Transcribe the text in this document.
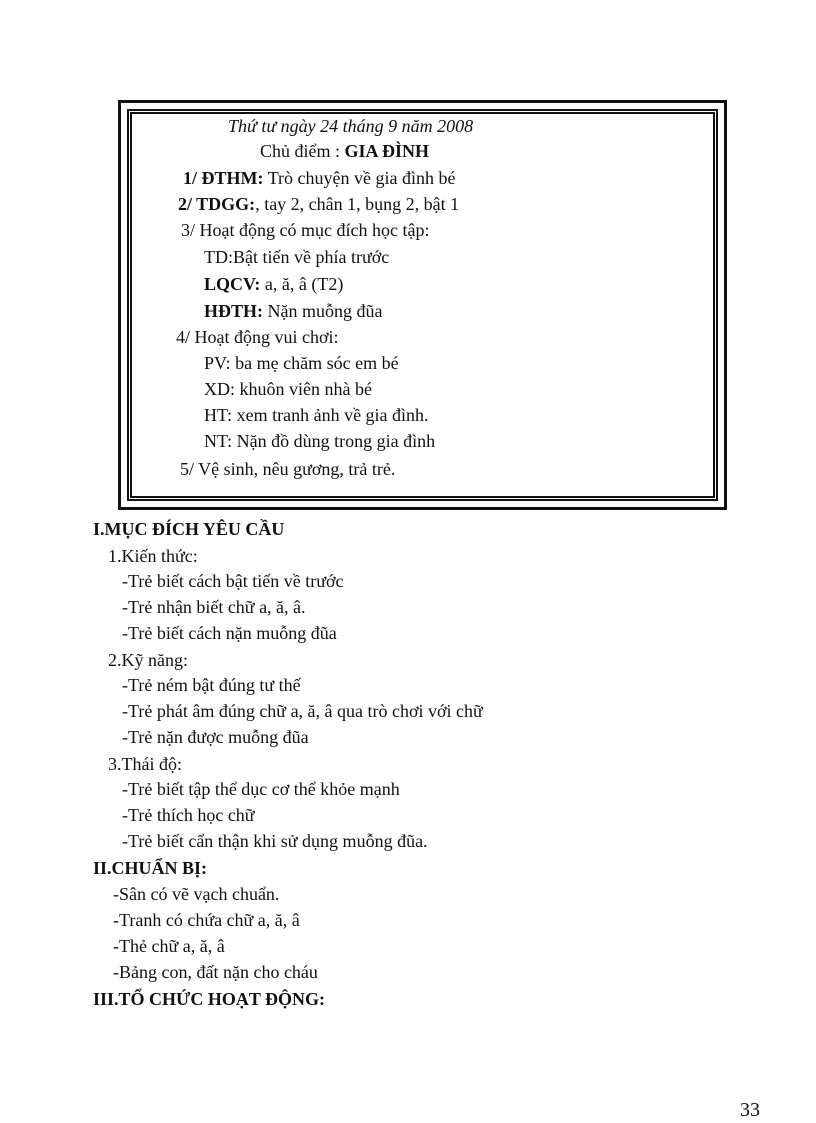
Thứ tư ngày 24 tháng 9 năm 2008
Chủ điểm : GIA ĐÌNH
1/ ĐTHM: Trò chuyện về gia đình bé
2/ TDGG:, tay 2, chân 1, bụng 2, bật 1
3/ Hoạt động có mục đích học tập:
TD:Bật tiến về phía trước
LQCV: a, ă, â (T2)
HĐTH: Nặn muỗng đũa
4/ Hoạt động vui chơi:
PV: ba mẹ chăm sóc em bé
XD: khuôn viên nhà bé
HT: xem tranh ảnh về gia đình.
NT: Nặn đồ dùng trong gia đình
5/ Vệ sinh, nêu gương, trả trẻ.
I.MỤC ĐÍCH YÊU CẦU
1.Kiến thức:
-Trẻ biết cách bật tiến về trước
-Trẻ nhận biết chữ a, ă, â.
-Trẻ biết cách nặn muỗng đũa
2.Kỹ năng:
-Trẻ ném bật đúng tư thế
-Trẻ phát âm đúng chữ a, ă, â qua trò chơi với chữ
-Trẻ nặn được muỗng đũa
3.Thái độ:
-Trẻ biết tập thể dục cơ thể khỏe mạnh
-Trẻ thích học chữ
-Trẻ biết cẩn thận khi sử dụng muỗng đũa.
II.CHUẨN BỊ:
-Sân có vẽ vạch chuẩn.
-Tranh có chứa chữ a, ă, â
-Thẻ chữ a, ă, â
-Bảng con, đất nặn cho cháu
III.TỔ CHỨC HOẠT ĐỘNG:
33
